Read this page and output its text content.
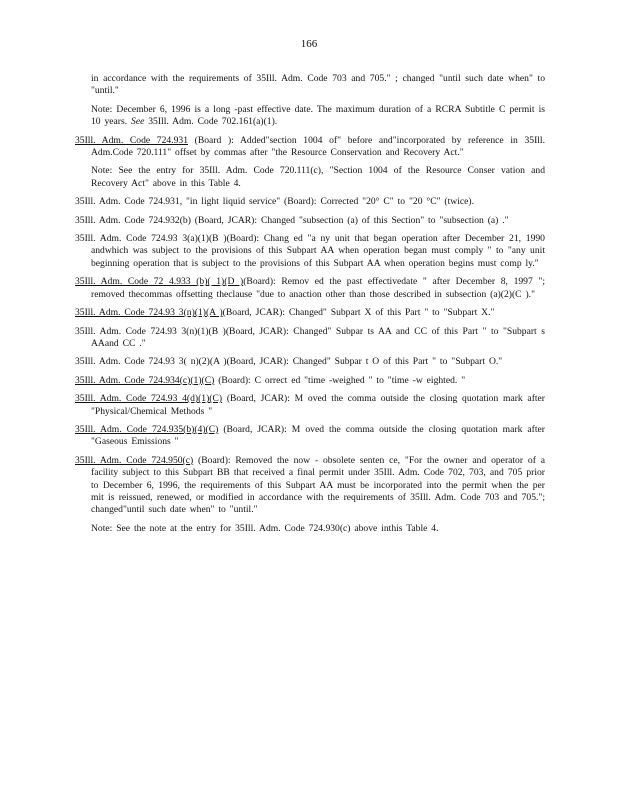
166

in accordance with the requirements of 35Ill. Adm. Code 703 and 705." ; changed "until such date when" to "until."

Note: December 6, 1996 is a long -past effective date. The maximum duration of a RCRA Subtitle C permit is 10 years. See 35Ill. Adm. Code 702.161(a)(1).

35Ill. Adm. Code 724.931 (Board ): Added"section 1004 of" before and"incorporated by reference in 35Ill. Adm.Code 720.111" offset by commas after "the Resource Conservation and Recovery Act."

Note: See the entry for 35Ill. Adm. Code 720.111(c), "Section 1004 of the Resource Conser vation and Recovery Act" above in this Table 4.

35Ill. Adm. Code 724.931, "in light liquid service" (Board): Corrected "20° C" to "20 °C" (twice).

35Ill. Adm. Code 724.932(b) (Board, JCAR): Changed "subsection (a) of this Section" to "subsection (a) ."

35Ill. Adm. Code 724.93 3(a)(1)(B )(Board): Chang ed "a ny unit that began operation after December 21, 1990 andwhich was subject to the provisions of this Subpart AA when operation began must comply " to "any unit beginning operation that is subject to the provisions of this Subpart AA when operation begins must comp ly."

35Ill. Adm. Code 72 4.933 (b)( 1)(D )(Board): Remov ed the past effectivedate " after December 8, 1997 "; removed thecommas offsetting theclause "due to anaction other than those described in subsection (a)(2)(C )."

35Ill. Adm. Code 724.93 3(n)(1)(A )(Board, JCAR): Changed" Subpart X of this Part " to "Subpart X."

35Ill. Adm. Code 724.93 3(n)(1)(B )(Board, JCAR): Changed" Subpar ts AA and CC of this Part " to "Subpart s AAand CC ."

35Ill. Adm. Code 724.93 3( n)(2)(A )(Board, JCAR): Changed" Subpar t O of this Part " to "Subpart O."

35Ill. Adm. Code 724.934(c)(1)(C) (Board): C orrect ed "time -weighed " to "time -w eighted. "

35Ill. Adm. Code 724.93 4(d)(1)(C) (Board, JCAR): M oved the comma outside the closing quotation mark after "Physical/Chemical Methods "

35Ill. Adm. Code 724.935(b)(4)(C) (Board, JCAR): M oved the comma outside the closing quotation mark after "Gaseous Emissions "

35Ill. Adm. Code 724.950(c) (Board): Removed the now - obsolete senten ce, "For the owner and operator of a facility subject to this Subpart BB that received a final permit under 35Ill. Adm. Code 702, 703, and 705 prior to December 6, 1996, the requirements of this Subpart AA must be incorporated into the permit when the per mit is reissued, renewed, or modified in accordance with the requirements of 35Ill. Adm. Code 703 and 705."; changed"until such date when" to "until."

Note: See the note at the entry for 35Ill. Adm. Code 724.930(c) above inthis Table 4.
